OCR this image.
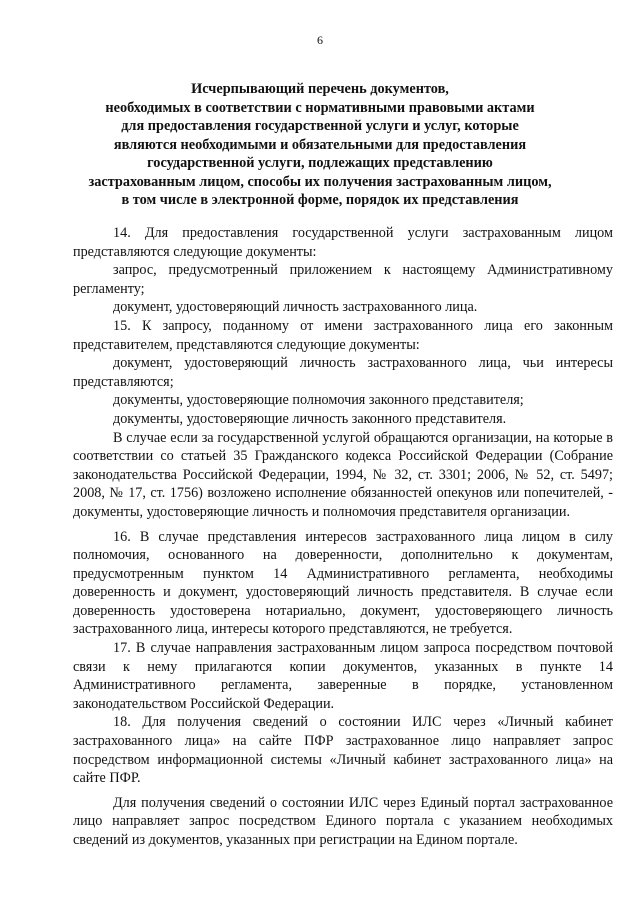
6
Исчерпывающий перечень документов,
необходимых в соответствии с нормативными правовыми актами
для предоставления государственной услуги и услуг, которые
являются необходимыми и обязательными для предоставления
государственной услуги, подлежащих представлению
застрахованным лицом, способы их получения застрахованным лицом,
в том числе в электронной форме, порядок их представления

14. Для предоставления государственной услуги застрахованным лицом представляются следующие документы:

запрос, предусмотренный приложением к настоящему Административному регламенту;

документ, удостоверяющий личность застрахованного лица.

15. К запросу, поданному от имени застрахованного лица его законным представителем, представляются следующие документы:

документ, удостоверяющий личность застрахованного лица, чьи интересы представляются;

документы, удостоверяющие полномочия законного представителя;

документы, удостоверяющие личность законного представителя.

В случае если за государственной услугой обращаются организации, на которые в соответствии со статьей 35 Гражданского кодекса Российской Федерации (Собрание законодательства Российской Федерации, 1994, № 32, ст. 3301; 2006, № 52, ст. 5497; 2008, № 17, ст. 1756) возложено исполнение обязанностей опекунов или попечителей, - документы, удостоверяющие личность и полномочия представителя организации.

16. В случае представления интересов застрахованного лица лицом в силу полномочия, основанного на доверенности, дополнительно к документам, предусмотренным пунктом 14 Административного регламента, необходимы доверенность и документ, удостоверяющий личность представителя. В случае если доверенность удостоверена нотариально, документ, удостоверяющего личность застрахованного лица, интересы которого представляются, не требуется.

17. В случае направления застрахованным лицом запроса посредством почтовой связи к нему прилагаются копии документов, указанных в пункте 14 Административного регламента, заверенные в порядке, установленном законодательством Российской Федерации.

18. Для получения сведений о состоянии ИЛС через «Личный кабинет застрахованного лица» на сайте ПФР застрахованное лицо направляет запрос посредством информационной системы «Личный кабинет застрахованного лица» на сайте ПФР.

Для получения сведений о состоянии ИЛС через Единый портал застрахованное лицо направляет запрос посредством Единого портала с указанием необходимых сведений из документов, указанных при регистрации на Едином портале.
